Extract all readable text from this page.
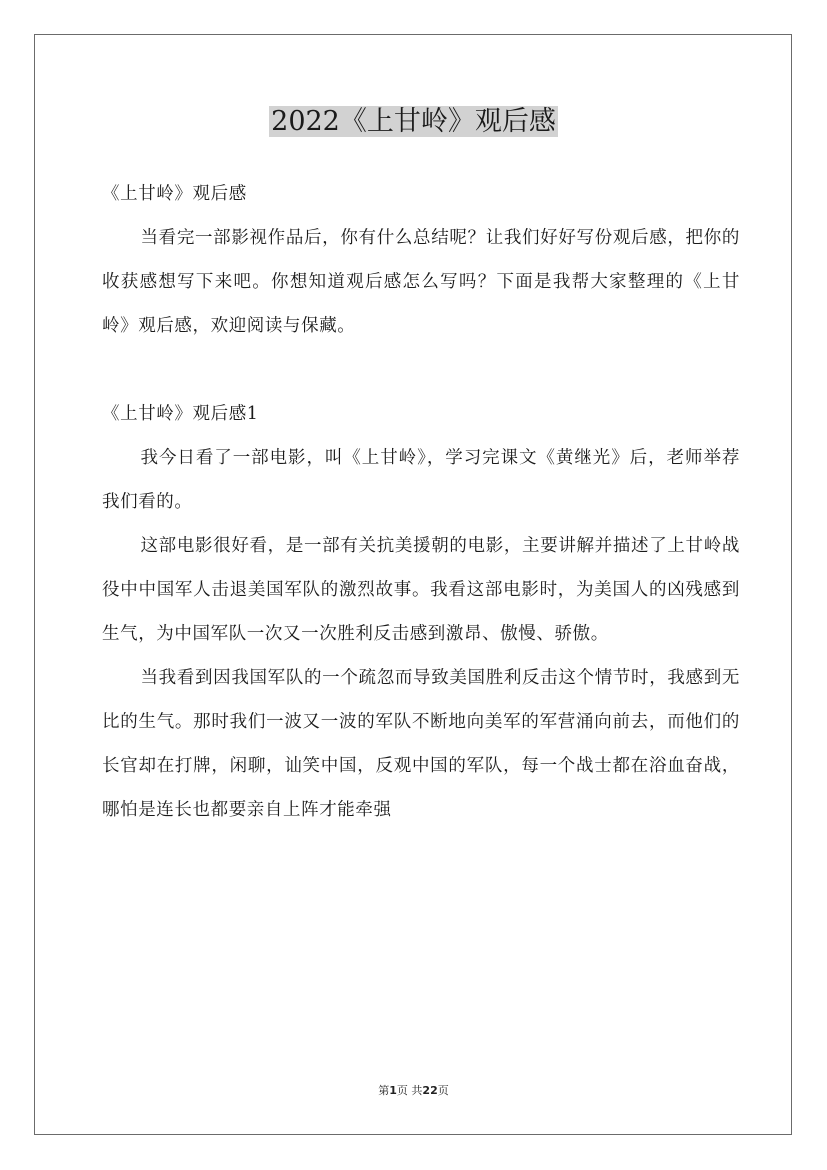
2022《上甘岭》观后感

《上甘岭》观后感

当看完一部影视作品后，你有什么总结呢？让我们好好写份观后感，把你的收获感想写下来吧。你想知道观后感怎么写吗？下面是我帮大家整理的《上甘岭》观后感，欢迎阅读与保藏。

《上甘岭》观后感1

我今日看了一部电影，叫《上甘岭》，学习完课文《黄继光》后，老师举荐我们看的。

这部电影很好看，是一部有关抗美援朝的电影，主要讲解并描述了上甘岭战役中中国军人击退美国军队的激烈故事。我看这部电影时，为美国人的凶残感到生气，为中国军队一次又一次胜利反击感到激昂、傲慢、骄傲。

当我看到因我国军队的一个疏忽而导致美国胜利反击这个情节时，我感到无比的生气。那时我们一波又一波的军队不断地向美军的军营涌向前去，而他们的长官却在打牌，闲聊，讪笑中国，反观中国的军队，每一个战士都在浴血奋战，哪怕是连长也都要亲自上阵才能牵强

第1页 共22页
